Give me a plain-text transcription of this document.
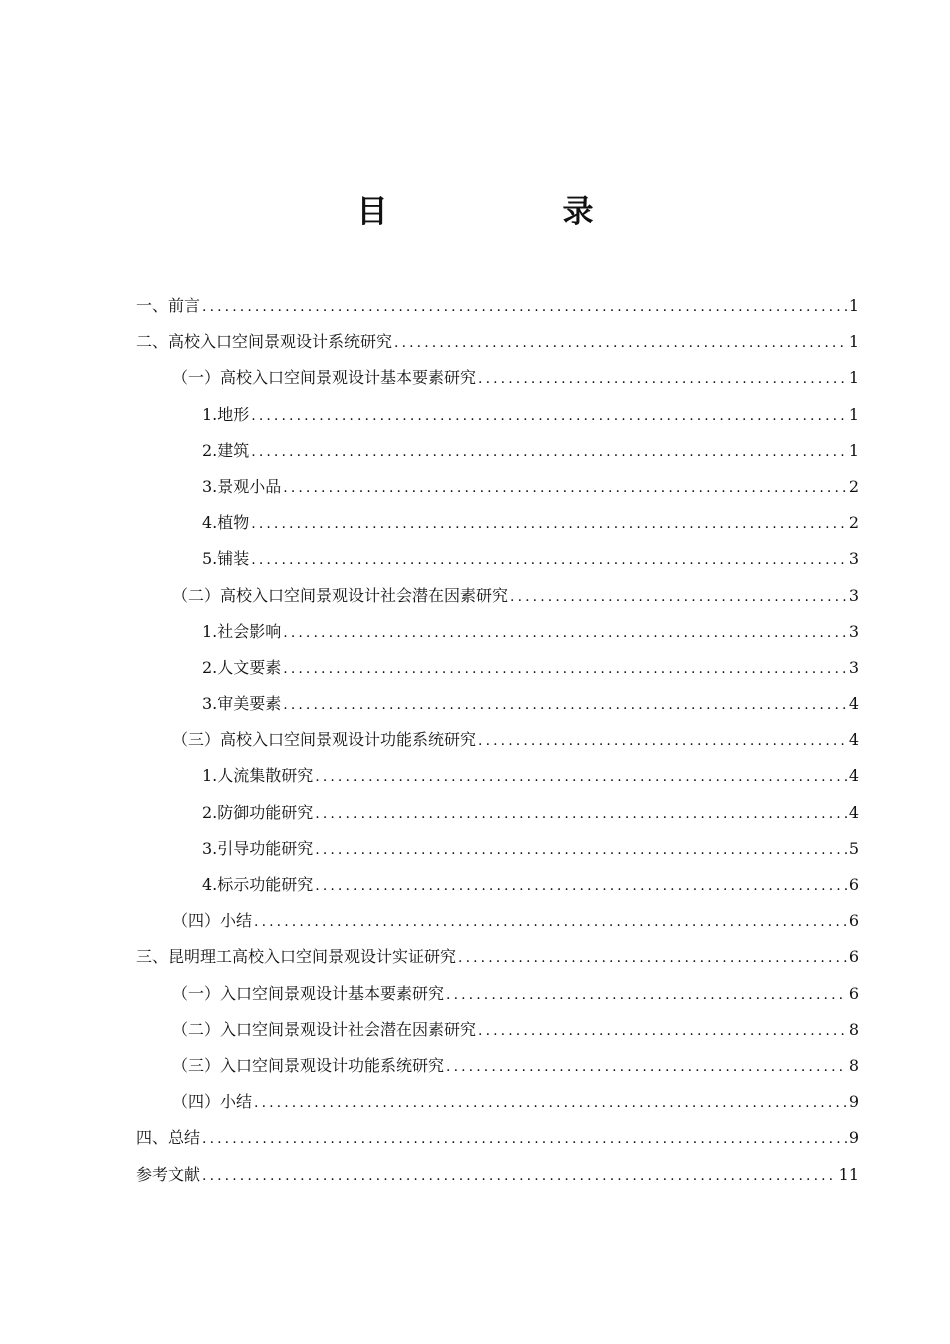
目　录
一、前言 .....	1
二、高校入口空间景观设计系统研究 .....	1
（一）高校入口空间景观设计基本要素研究 .....	1
1.地形 .....	1
2.建筑 .....	1
3.景观小品 .....	2
4.植物 .....	2
5.铺装 .....	3
（二）高校入口空间景观设计社会潜在因素研究 .....	3
1.社会影响 .....	3
2.人文要素 .....	3
3.审美要素 .....	4
（三）高校入口空间景观设计功能系统研究 .....	4
1.人流集散研究 .....	4
2.防御功能研究 .....	4
3.引导功能研究 .....	5
4.标示功能研究 .....	6
（四）小结 .....	6
三、昆明理工高校入口空间景观设计实证研究 .....	6
（一）入口空间景观设计基本要素研究 .....	6
（二）入口空间景观设计社会潜在因素研究 .....	8
（三）入口空间景观设计功能系统研究 .....	8
（四）小结 .....	9
四、总结 .....	9
参考文献 .....	11
